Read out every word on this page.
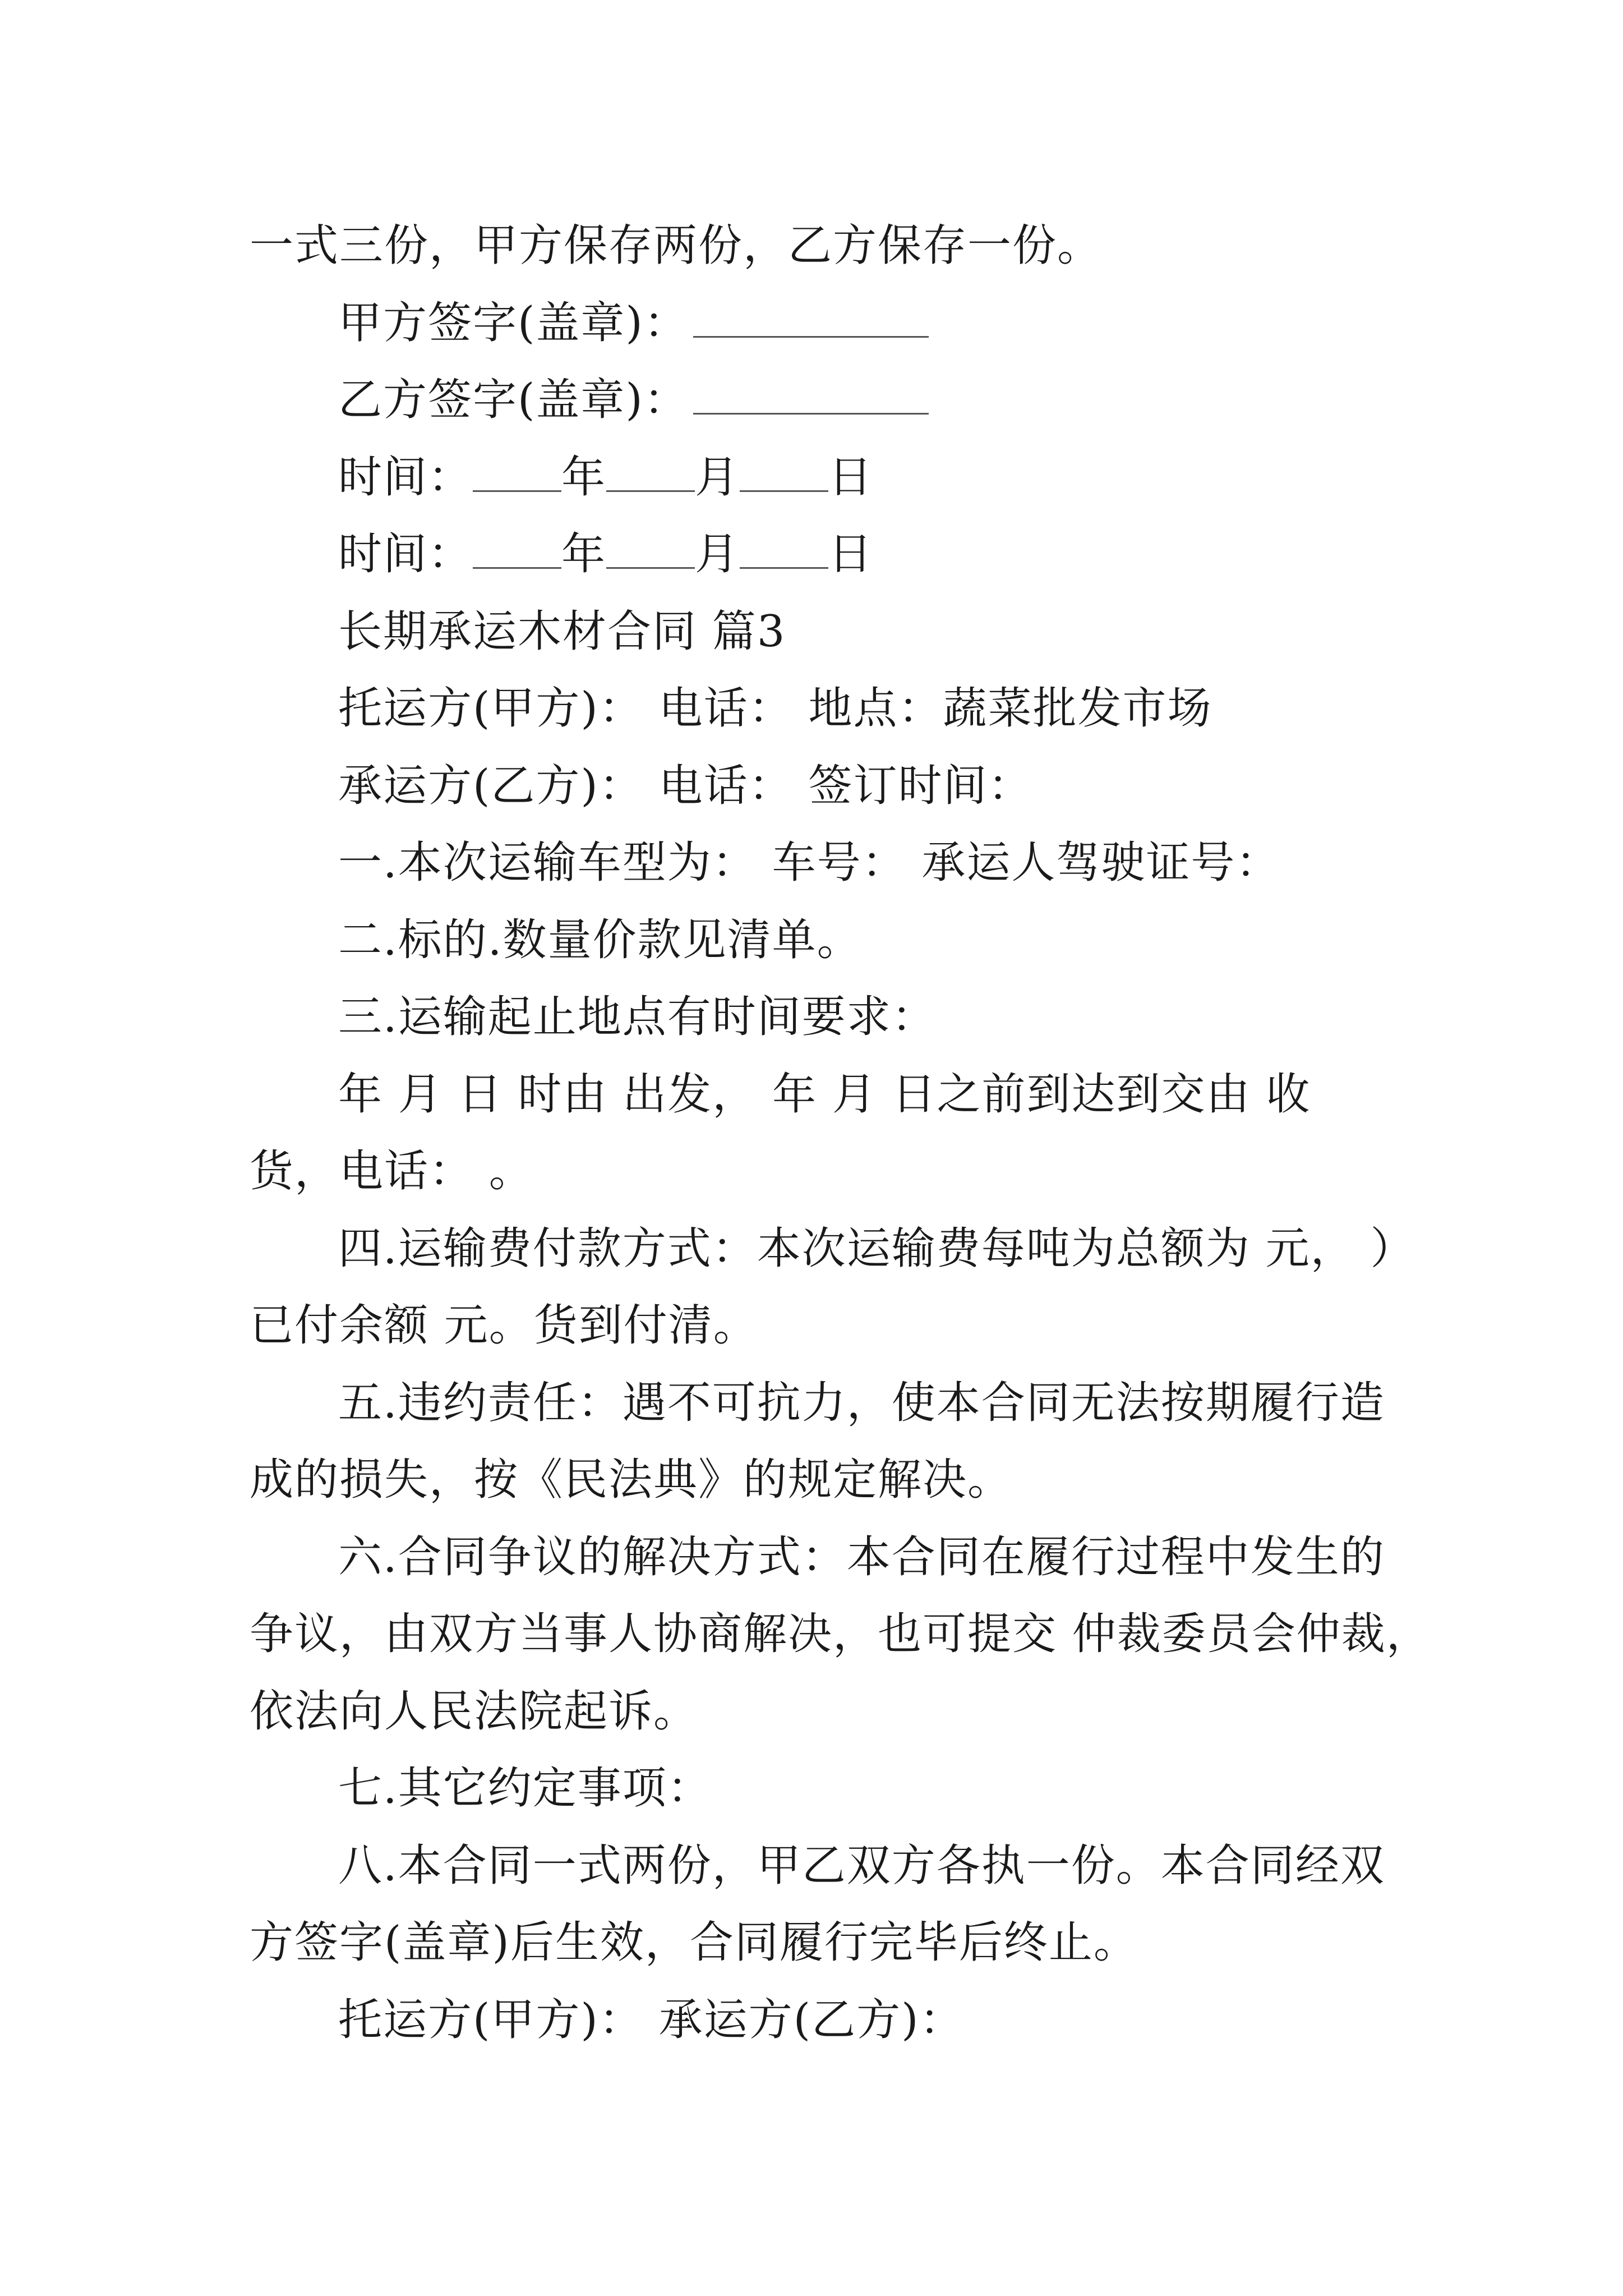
一式三份，甲方保存两份，乙方保存一份。
甲方签字(盖章)：
乙方签字(盖章)：
时间： 年 月 日
时间： 年 月 日
长期承运木材合同 篇3
托运方(甲方)： 电话： 地点：蔬菜批发市场
承运方(乙方)： 电话： 签订时间：
一.本次运输车型为： 车号： 承运人驾驶证号：
二.标的.数量价款见清单。
三.运输起止地点有时间要求：
年 月 日 时由 出发， 年 月 日之前到达到交由 收
货，电话： 。
四.运输费付款方式：本次运输费每吨为总额为 元， ）
已付余额 元。货到付清。
五.违约责任：遇不可抗力，使本合同无法按期履行造
成的损失，按《民法典》的规定解决。
六.合同争议的解决方式：本合同在履行过程中发生的
争议，由双方当事人协商解决，也可提交 仲裁委员会仲裁，
依法向人民法院起诉。
七.其它约定事项：
八.本合同一式两份，甲乙双方各执一份。本合同经双
方签字(盖章)后生效，合同履行完毕后终止。
托运方(甲方)： 承运方(乙方)：
